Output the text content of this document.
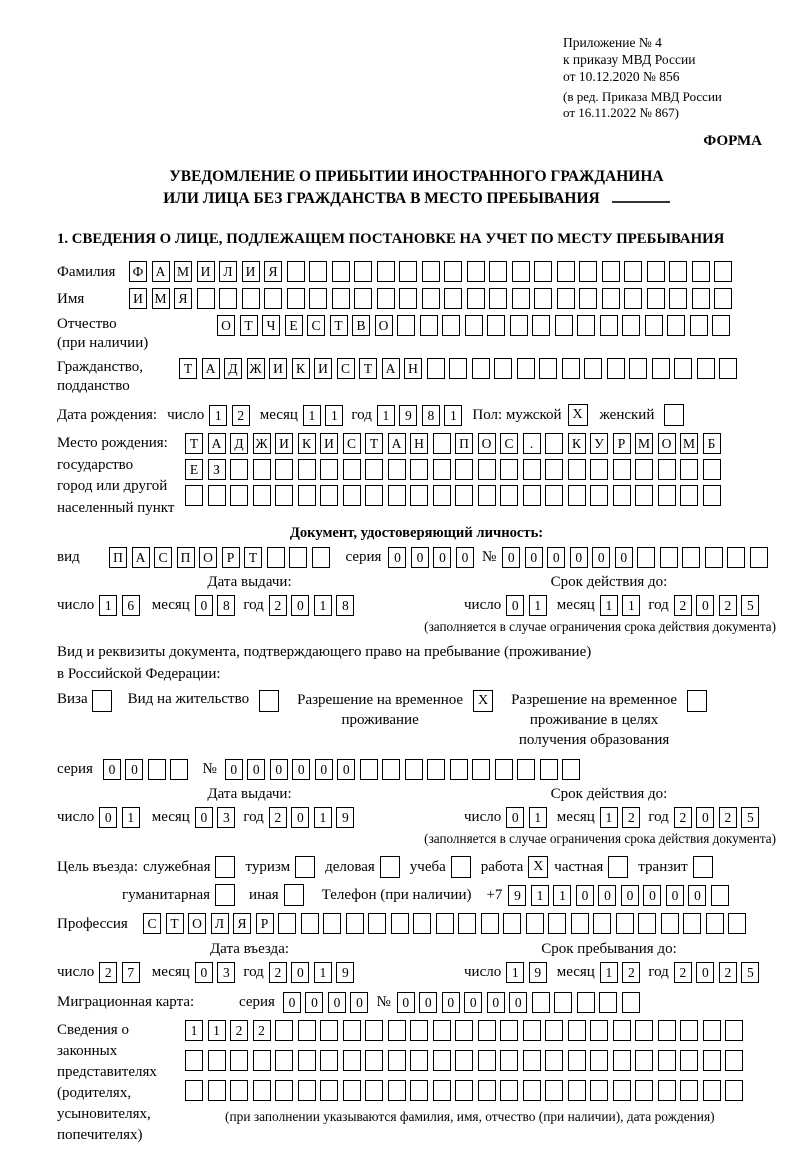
Приложение № 4
к приказу МВД России
от 10.12.2020 № 856
(в ред. Приказа МВД России
от 16.11.2022 № 867)
ФОРМА
УВЕДОМЛЕНИЕ О ПРИБЫТИИ ИНОСТРАННОГО ГРАЖДАНИНА
ИЛИ ЛИЦА БЕЗ ГРАЖДАНСТВА В МЕСТО ПРЕБЫВАНИЯ
1. СВЕДЕНИЯ О ЛИЦЕ, ПОДЛЕЖАЩЕМ ПОСТАНОВКЕ НА УЧЕТ ПО МЕСТУ ПРЕБЫВАНИЯ
Фамилия	Ф А М И Л И Я
Имя	И М Я
Отчество
(при наличии)
О	Т	Ч	Е	С	Т	В О
Гражданство,
подданство
Т	А Д Ж И К И С	Т	А Н
Дата рождения: число 1	2	месяц 1	1 год 1	9	8	1	Пол: мужской X	женский
Место рождения:
государство
город или другой
населенный пункт
Т	А Д Ж И К И С	Т	А Н	П О С	.	К У	Р М О М Б
Е	З
Документ, удостоверяющий личность:
вид	П А С П О	Р	Т	серия 0	0	0	0 № 0	0	0	0	0	0
Дата выдачи:	Срок действия до:
число 1	6	месяц 0	8 год 2	0	1	8	число 0	1	месяц 1	1 год 2	0	2	5
(заполняется в случае ограничения срока действия документа)
Вид и реквизиты документа, подтверждающего право на пребывание (проживание)
в Российской Федерации:
Виза	Вид на жительство	Разрешение на временное
проживание
X	Разрешение на временное
проживание в целях
получения образования
серия	0	0	№	0	0	0	0	0	0
Дата выдачи:	Срок действия до:
число 0	1	месяц 0	3 год 2	0	1	9	число 0	1	месяц 1	2 год 2	0	2	5
(заполняется в случае ограничения срока действия документа)
Цель въезда: служебная туризм деловая учеба работа X частная транзит
гуманитарная	иная	Телефон (при наличии) +7 9	1	1	0	0	0	0	0	0
Профессия	С	Т	О Л Я	Р
Дата въезда:	Срок пребывания до:
число 2	7	месяц 0	3 год 2	0	1	9	число 1	9	месяц 1	2 год 2	0	2	5
Миграционная карта:	серия	0	0	0	0 № 0	0	0	0	0	0
Сведения о
законных
представителях
(родителях,
усыновителях,
попечителях)
1	1	2	2
(при заполнении указываются фамилия, имя, отчество (при наличии), дата рождения)
